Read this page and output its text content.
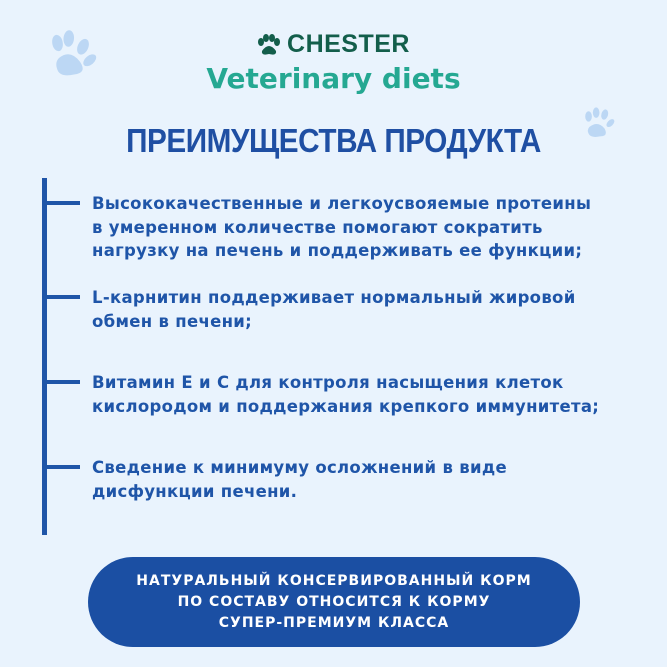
CHESTER
Veterinary diets
ПРЕИМУЩЕСТВА ПРОДУКТА
Высококачественные и легкоусвояемые протеины
в умеренном количестве помогают сократить
нагрузку на печень и поддерживать ее функции;
L-карнитин поддерживает нормальный жировой
обмен в печени;
Витамин Е и С для контроля насыщения клеток
кислородом и поддержания крепкого иммунитета;
Сведение к минимуму осложнений в виде
дисфункции печени.
НАТУРАЛЬНЫЙ КОНСЕРВИРОВАННЫЙ КОРМ
ПО СОСТАВУ ОТНОСИТСЯ К КОРМУ
СУПЕР-ПРЕМИУМ КЛАССА
